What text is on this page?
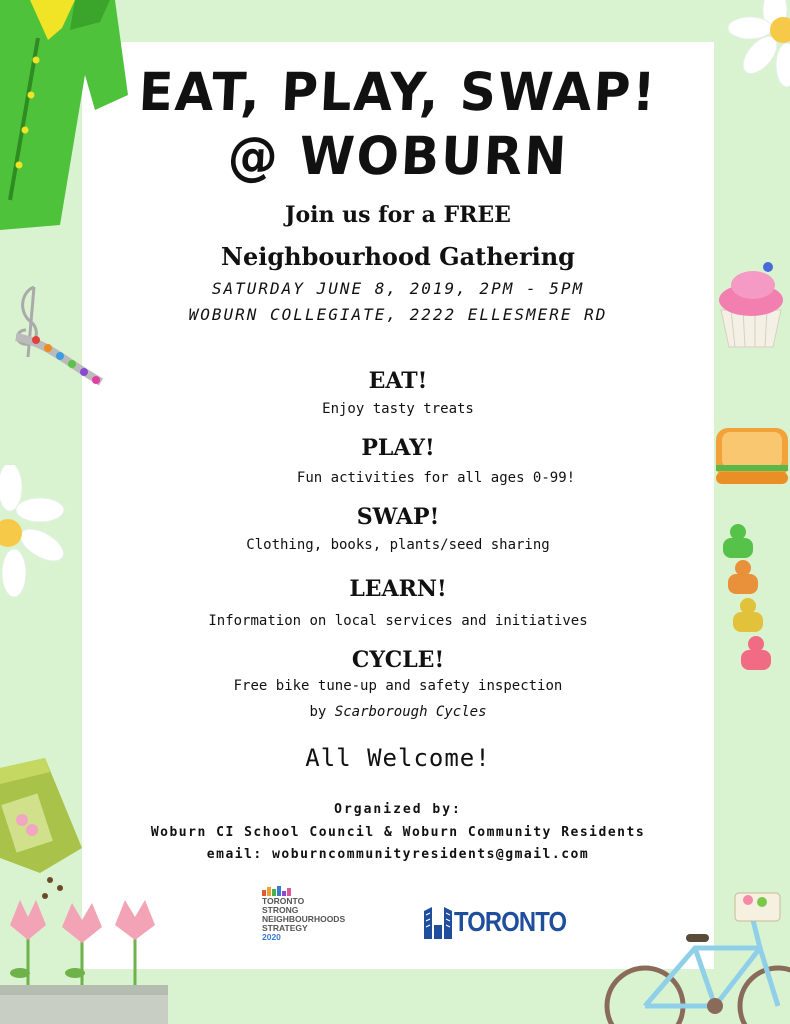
EAT, PLAY, SWAP!
@ WOBURN
Join us for a FREE
Neighbourhood Gathering
SATURDAY JUNE 8, 2019, 2PM - 5PM
WOBURN COLLEGIATE, 2222 ELLESMERE RD
EAT!
Enjoy tasty treats
PLAY!
Fun activities for all ages 0-99!
SWAP!
Clothing, books, plants/seed sharing
LEARN!
Information on local services and initiatives
CYCLE!
Free bike tune-up and safety inspection
by Scarborough Cycles
All Welcome!
Organized by:
Woburn CI School Council & Woburn Community Residents
email: woburncommunityresidents@gmail.com
TORONTO
STRONG
NEIGHBOURHOODS
STRATEGY
2020	TORONTO
